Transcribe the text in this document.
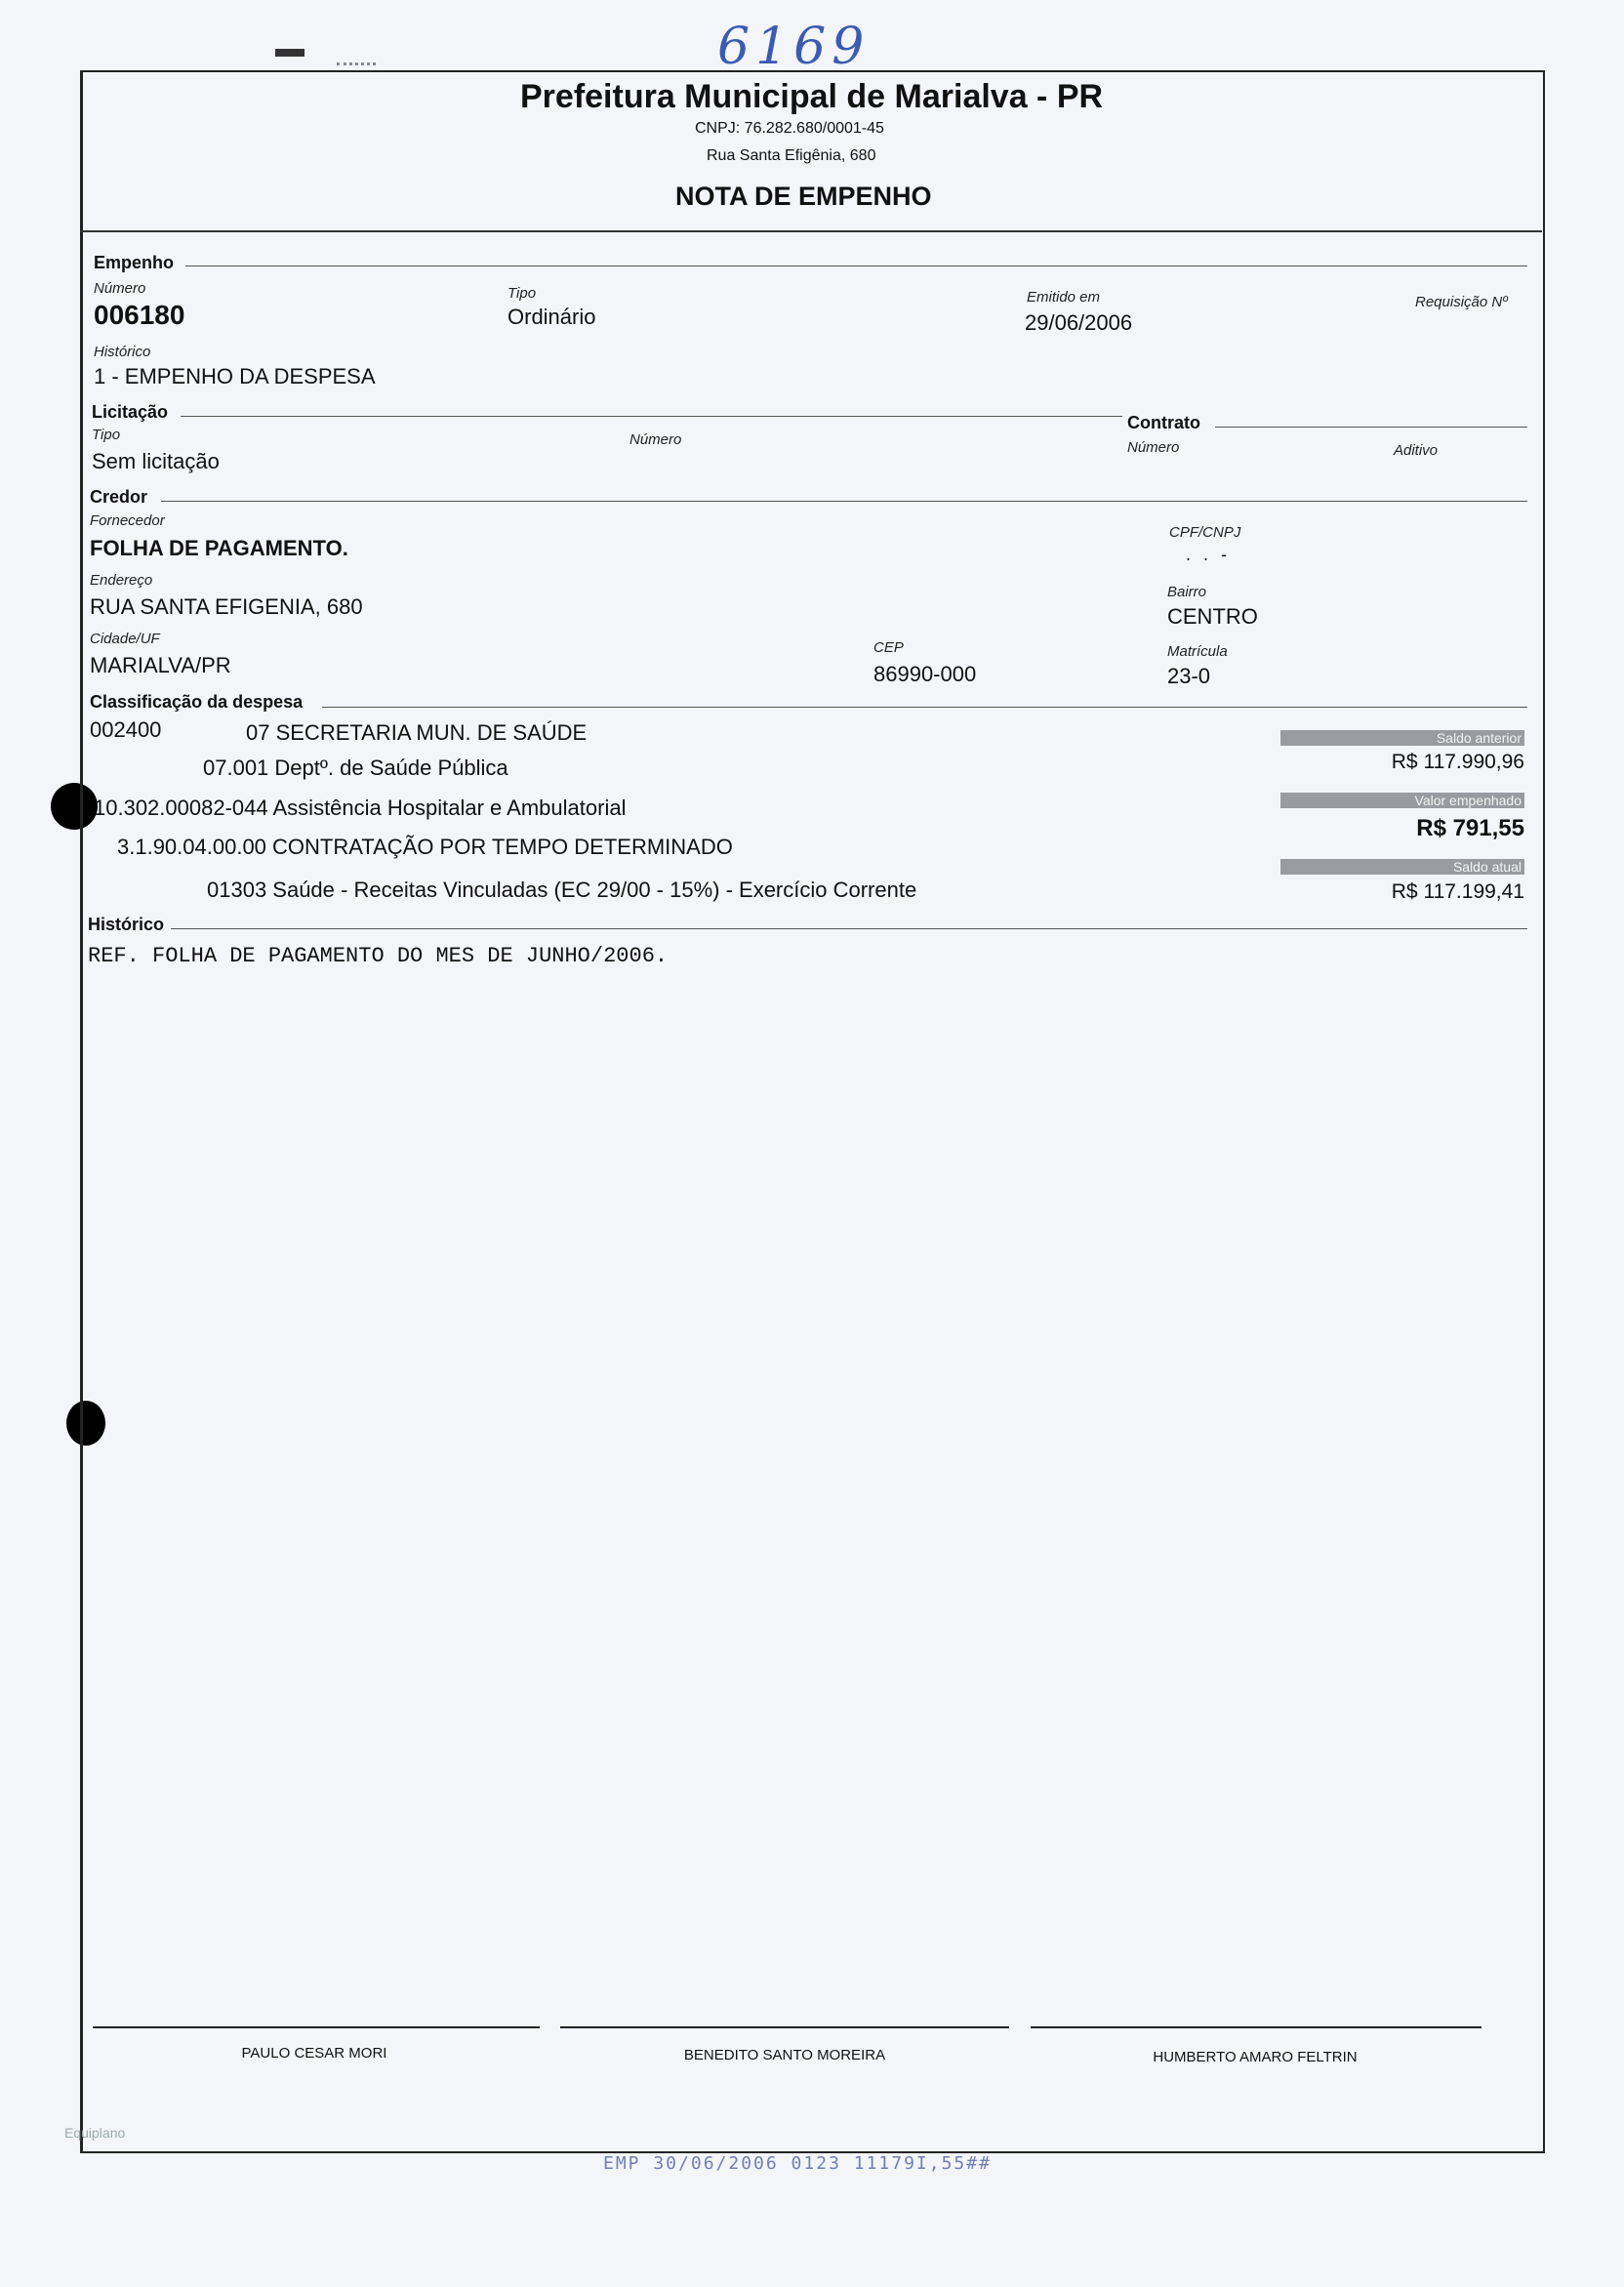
6169
Prefeitura Municipal de Marialva - PR
CNPJ: 76.282.680/0001-45
Rua Santa Efigênia, 680
NOTA DE EMPENHO
Empenho
Número
006180
Tipo
Ordinário
Emitido em
29/06/2006
Requisição Nº
Histórico
1 - EMPENHO DA DESPESA
Licitação
Tipo
Sem licitação
Número
Contrato
Número	Aditivo
Credor
Fornecedor
FOLHA DE PAGAMENTO.
CPF/CNPJ
. . -
Endereço
RUA SANTA EFIGENIA, 680
Bairro
CENTRO
Cidade/UF
MARIALVA/PR
CEP
86990-000
Matrícula
23-0
Classificação da despesa
002400	07 SECRETARIA MUN. DE SAÚDE
07.001 Deptº. de Saúde Pública
10.302.00082-044 Assistência Hospitalar e Ambulatorial
3.1.90.04.00.00 CONTRATAÇÃO POR TEMPO DETERMINADO
01303 Saúde - Receitas Vinculadas (EC 29/00 - 15%) - Exercício Corrente
Saldo anterior
R$ 117.990,96
Valor empenhado
R$ 791,55
Saldo atual
R$ 117.199,41
Histórico
REF. FOLHA DE PAGAMENTO DO MES DE JUNHO/2006.
PAULO CESAR MORI	BENEDITO SANTO MOREIRA	HUMBERTO AMARO FELTRIN
Equiplano
EMP 30/06/2006 0123 11179I,55##
